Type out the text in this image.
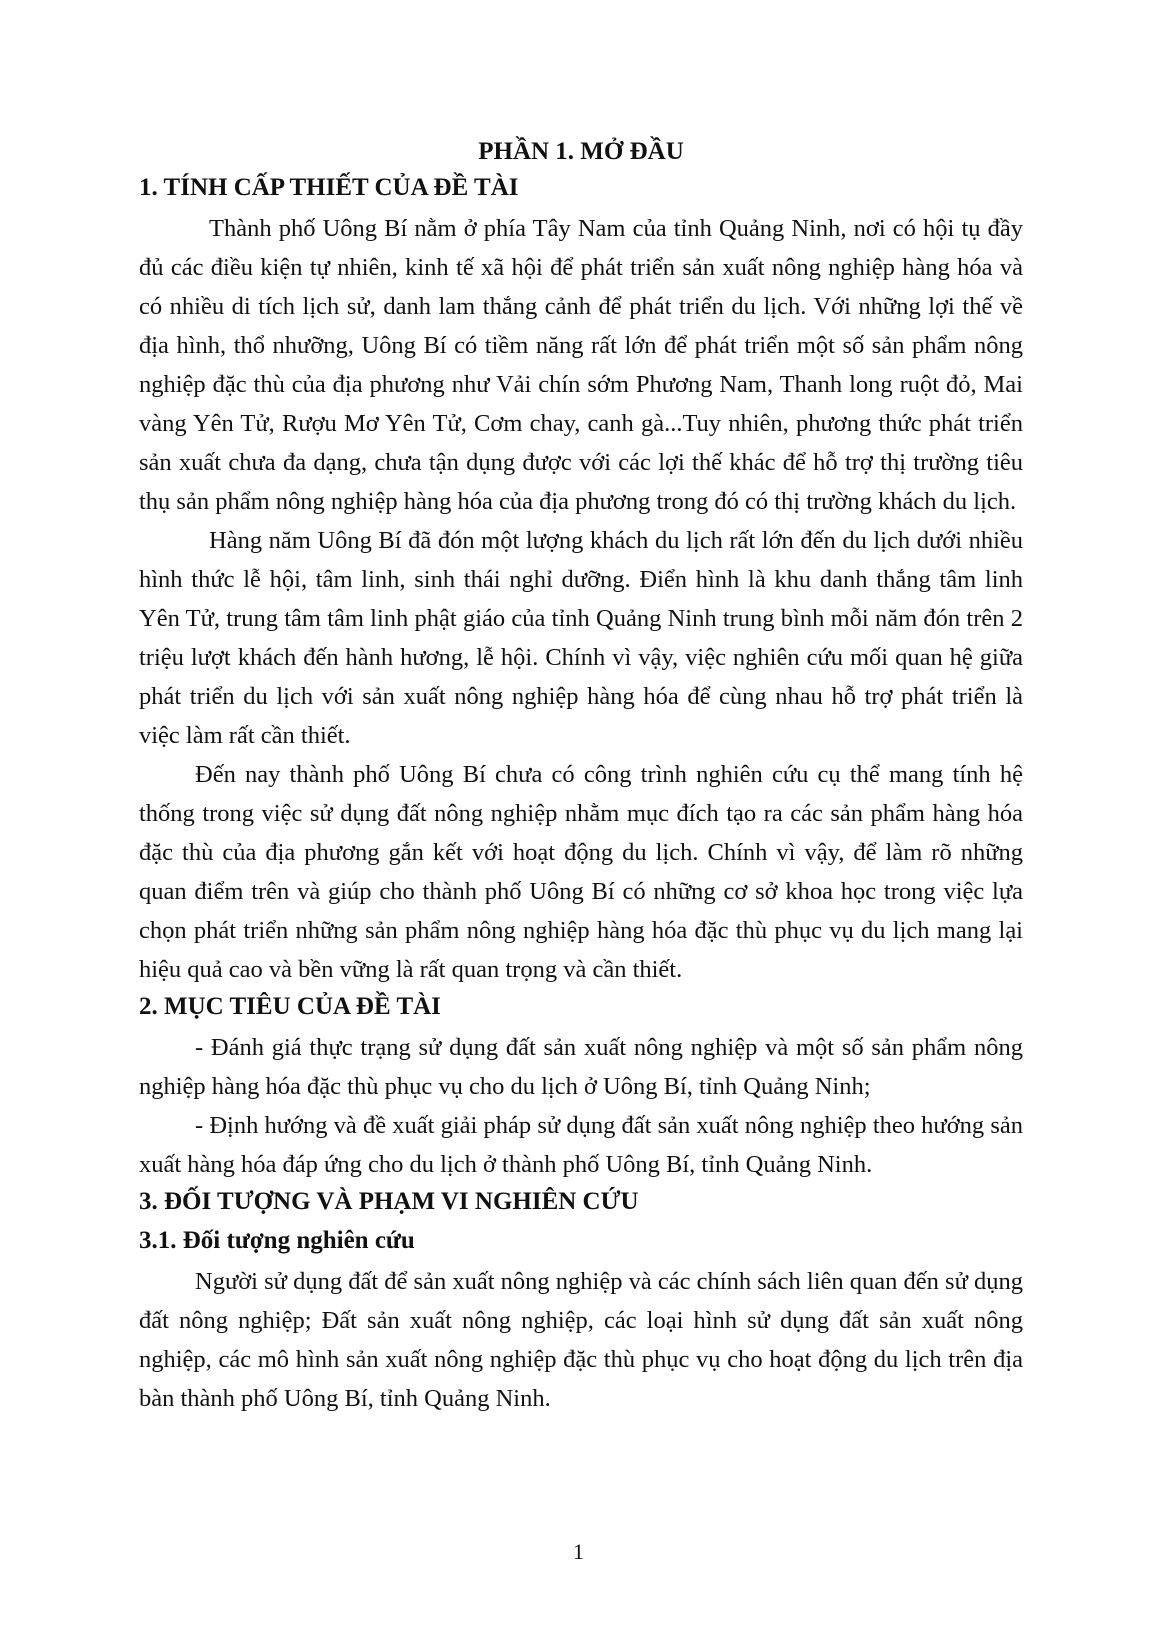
PHẦN 1. MỞ ĐẦU

1. TÍNH CẤP THIẾT CỦA ĐỀ TÀI

Thành phố Uông Bí nằm ở phía Tây Nam của tỉnh Quảng Ninh, nơi có hội tụ đầy đủ các điều kiện tự nhiên, kinh tế xã hội để phát triển sản xuất nông nghiệp hàng hóa và có nhiều di tích lịch sử, danh lam thắng cảnh để phát triển du lịch. Với những lợi thế về địa hình, thổ nhưỡng, Uông Bí có tiềm năng rất lớn để phát triển một số sản phẩm nông nghiệp đặc thù của địa phương như Vải chín sớm Phương Nam, Thanh long ruột đỏ, Mai vàng Yên Tử, Rượu Mơ Yên Tử, Cơm chay, canh gà...Tuy nhiên, phương thức phát triển sản xuất chưa đa dạng, chưa tận dụng được với các lợi thế khác để hỗ trợ thị trường tiêu thụ sản phẩm nông nghiệp hàng hóa của địa phương trong đó có thị trường khách du lịch.

Hàng năm Uông Bí đã đón một lượng khách du lịch rất lớn đến du lịch dưới nhiều hình thức lễ hội, tâm linh, sinh thái nghỉ dưỡng. Điển hình là khu danh thắng tâm linh Yên Tử, trung tâm tâm linh phật giáo của tỉnh Quảng Ninh trung bình mỗi năm đón trên 2 triệu lượt khách đến hành hương, lễ hội. Chính vì vậy, việc nghiên cứu mối quan hệ giữa phát triển du lịch với sản xuất nông nghiệp hàng hóa để cùng nhau hỗ trợ phát triển là việc làm rất cần thiết.

Đến nay thành phố Uông Bí chưa có công trình nghiên cứu cụ thể mang tính hệ thống trong việc sử dụng đất nông nghiệp nhằm mục đích tạo ra các sản phẩm hàng hóa đặc thù của địa phương gắn kết với hoạt động du lịch. Chính vì vậy, để làm rõ những quan điểm trên và giúp cho thành phố Uông Bí có những cơ sở khoa học trong việc lựa chọn phát triển những sản phẩm nông nghiệp hàng hóa đặc thù phục vụ du lịch mang lại hiệu quả cao và bền vững là rất quan trọng và cần thiết.

2. MỤC TIÊU CỦA ĐỀ TÀI

- Đánh giá thực trạng sử dụng đất sản xuất nông nghiệp và một số sản phẩm nông nghiệp hàng hóa đặc thù phục vụ cho du lịch ở Uông Bí, tỉnh Quảng Ninh;

- Định hướng và đề xuất giải pháp sử dụng đất sản xuất nông nghiệp theo hướng sản xuất hàng hóa đáp ứng cho du lịch ở thành phố Uông Bí, tỉnh Quảng Ninh.

3. ĐỐI TƯỢNG VÀ PHẠM VI NGHIÊN CỨU

3.1. Đối tượng nghiên cứu

Người sử dụng đất để sản xuất nông nghiệp và các chính sách liên quan đến sử dụng đất nông nghiệp; Đất sản xuất nông nghiệp, các loại hình sử dụng đất sản xuất nông nghiệp, các mô hình sản xuất nông nghiệp đặc thù phục vụ cho hoạt động du lịch trên địa bàn thành phố Uông Bí, tỉnh Quảng Ninh.

1
